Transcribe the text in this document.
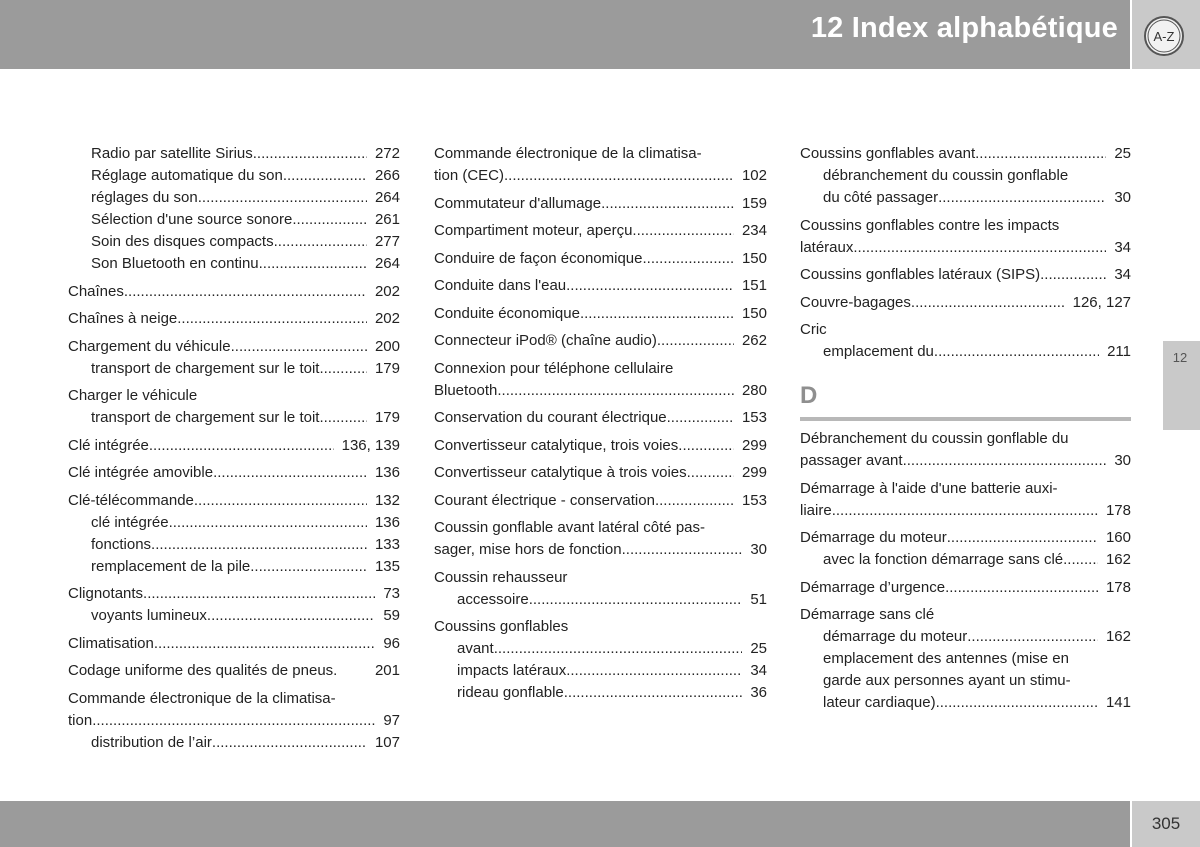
12 Index alphabétique	A-Z
Radio par satellite Sirius .....	272
Réglage automatique du son .....	266
réglages du son .....	264
Sélection d'une source sonore .....	261
Soin des disques compacts .....	277
Son Bluetooth en continu .....	264
Chaînes .....	202
Chaînes à neige .....	202
Chargement du véhicule .....	200
transport de chargement sur le toit .....	179
Charger le véhicule
transport de chargement sur le toit .....	179
Clé intégrée .....	136, 139
Clé intégrée amovible .....	136
Clé-télécommande .....	132
clé intégrée .....	136
fonctions .....	133
remplacement de la pile .....	135
Clignotants .....	73
voyants lumineux .....	59
Climatisation .....	96
Codage uniforme des qualités de pneus.	201
Commande électronique de la climatisa-
tion .....	97
distribution de l’air .....	107
Commande électronique de la climatisa-
tion (CEC) .....	102
Commutateur d'allumage .....	159
Compartiment moteur, aperçu .....	234
Conduire de façon économique .....	150
Conduite dans l'eau .....	151
Conduite économique .....	150
Connecteur iPod® (chaîne audio) .....	262
Connexion pour téléphone cellulaire
Bluetooth .....	280
Conservation du courant électrique .....	153
Convertisseur catalytique, trois voies .....	299
Convertisseur catalytique à trois voies .....	299
Courant électrique - conservation .....	153
Coussin gonflable avant latéral côté pas-
sager, mise hors de fonction .....	30
Coussin rehausseur
accessoire .....	51
Coussins gonflables
avant .....	25
impacts latéraux .....	34
rideau gonflable .....	36
Coussins gonflables avant .....	25
débranchement du coussin gonflable
du côté passager .....	30
Coussins gonflables contre les impacts
latéraux .....	34
Coussins gonflables latéraux (SIPS) .....	34
Couvre-bagages .....	126, 127
Cric
emplacement du .....	211
D
Débranchement du coussin gonflable du
passager avant .....	30
Démarrage à l'aide d'une batterie auxi-
liaire .....	178
Démarrage du moteur .....	160
avec la fonction démarrage sans clé .....	162
Démarrage d’urgence .....	178
Démarrage sans clé
démarrage du moteur .....	162
emplacement des antennes (mise en
garde aux personnes ayant un stimu-
lateur cardiaque) .....	141
12
305
